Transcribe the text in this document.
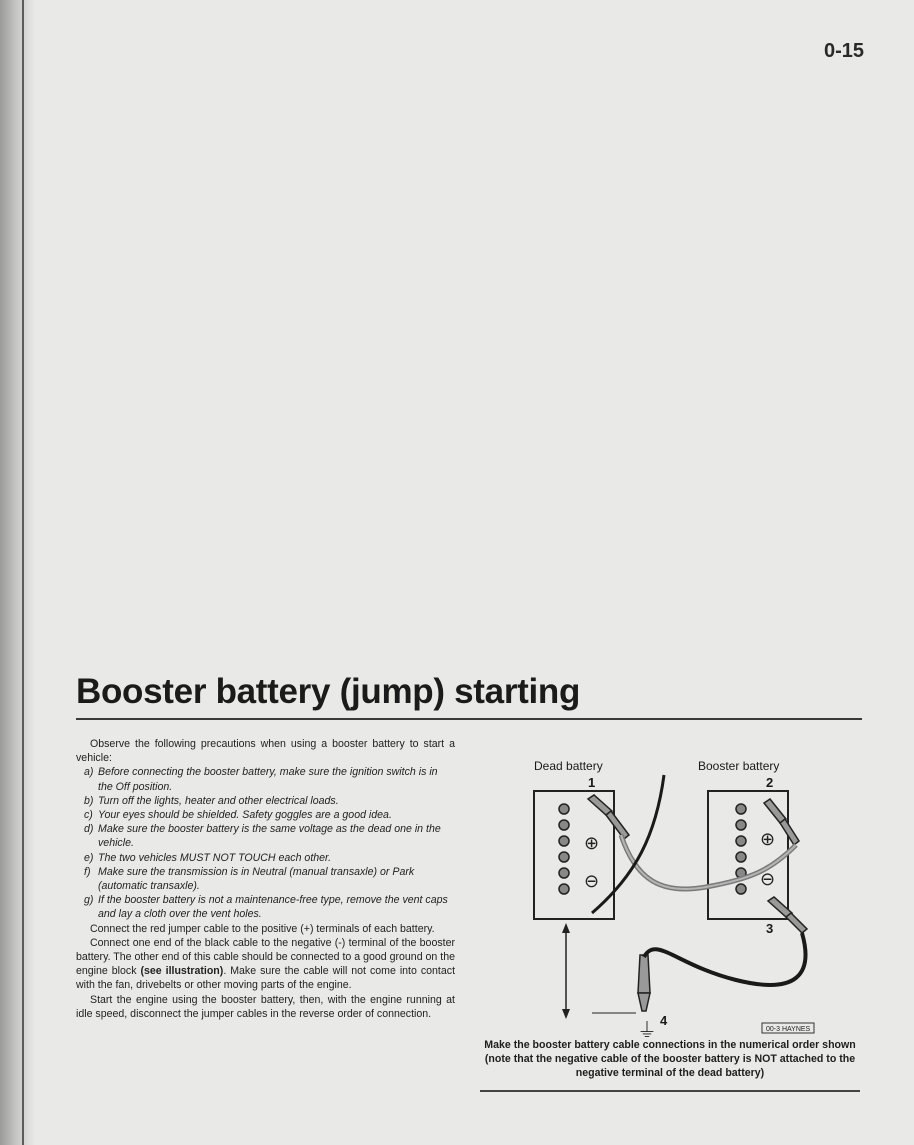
0-15
Booster battery (jump) starting

Observe the following precautions when using a booster battery to start a vehicle:

a) Before connecting the booster battery, make sure the ignition switch is in the Off position.
b) Turn off the lights, heater and other electrical loads.
c) Your eyes should be shielded. Safety goggles are a good idea.
d) Make sure the booster battery is the same voltage as the dead one in the vehicle.
e) The two vehicles MUST NOT TOUCH each other.
f) Make sure the transmission is in Neutral (manual transaxle) or Park (automatic transaxle).
g) If the booster battery is not a maintenance-free type, remove the vent caps and lay a cloth over the vent holes.

Connect the red jumper cable to the positive (+) terminals of each battery.

Connect one end of the black cable to the negative (-) terminal of the booster battery. The other end of this cable should be connected to a good ground on the engine block (see illustration). Make sure the cable will not come into contact with the fan, drivebelts or other moving parts of the engine.

Start the engine using the booster battery, then, with the engine running at idle speed, disconnect the jumper cables in the reverse order of connection.

Dead battery	Booster battery
1	2
3
4
⊕
⊖
⊕
⊖
⏚	00-3 HAYNES
Make the booster battery cable connections in the numerical order shown (note that the negative cable of the booster battery is NOT attached to the negative terminal of the dead battery)
